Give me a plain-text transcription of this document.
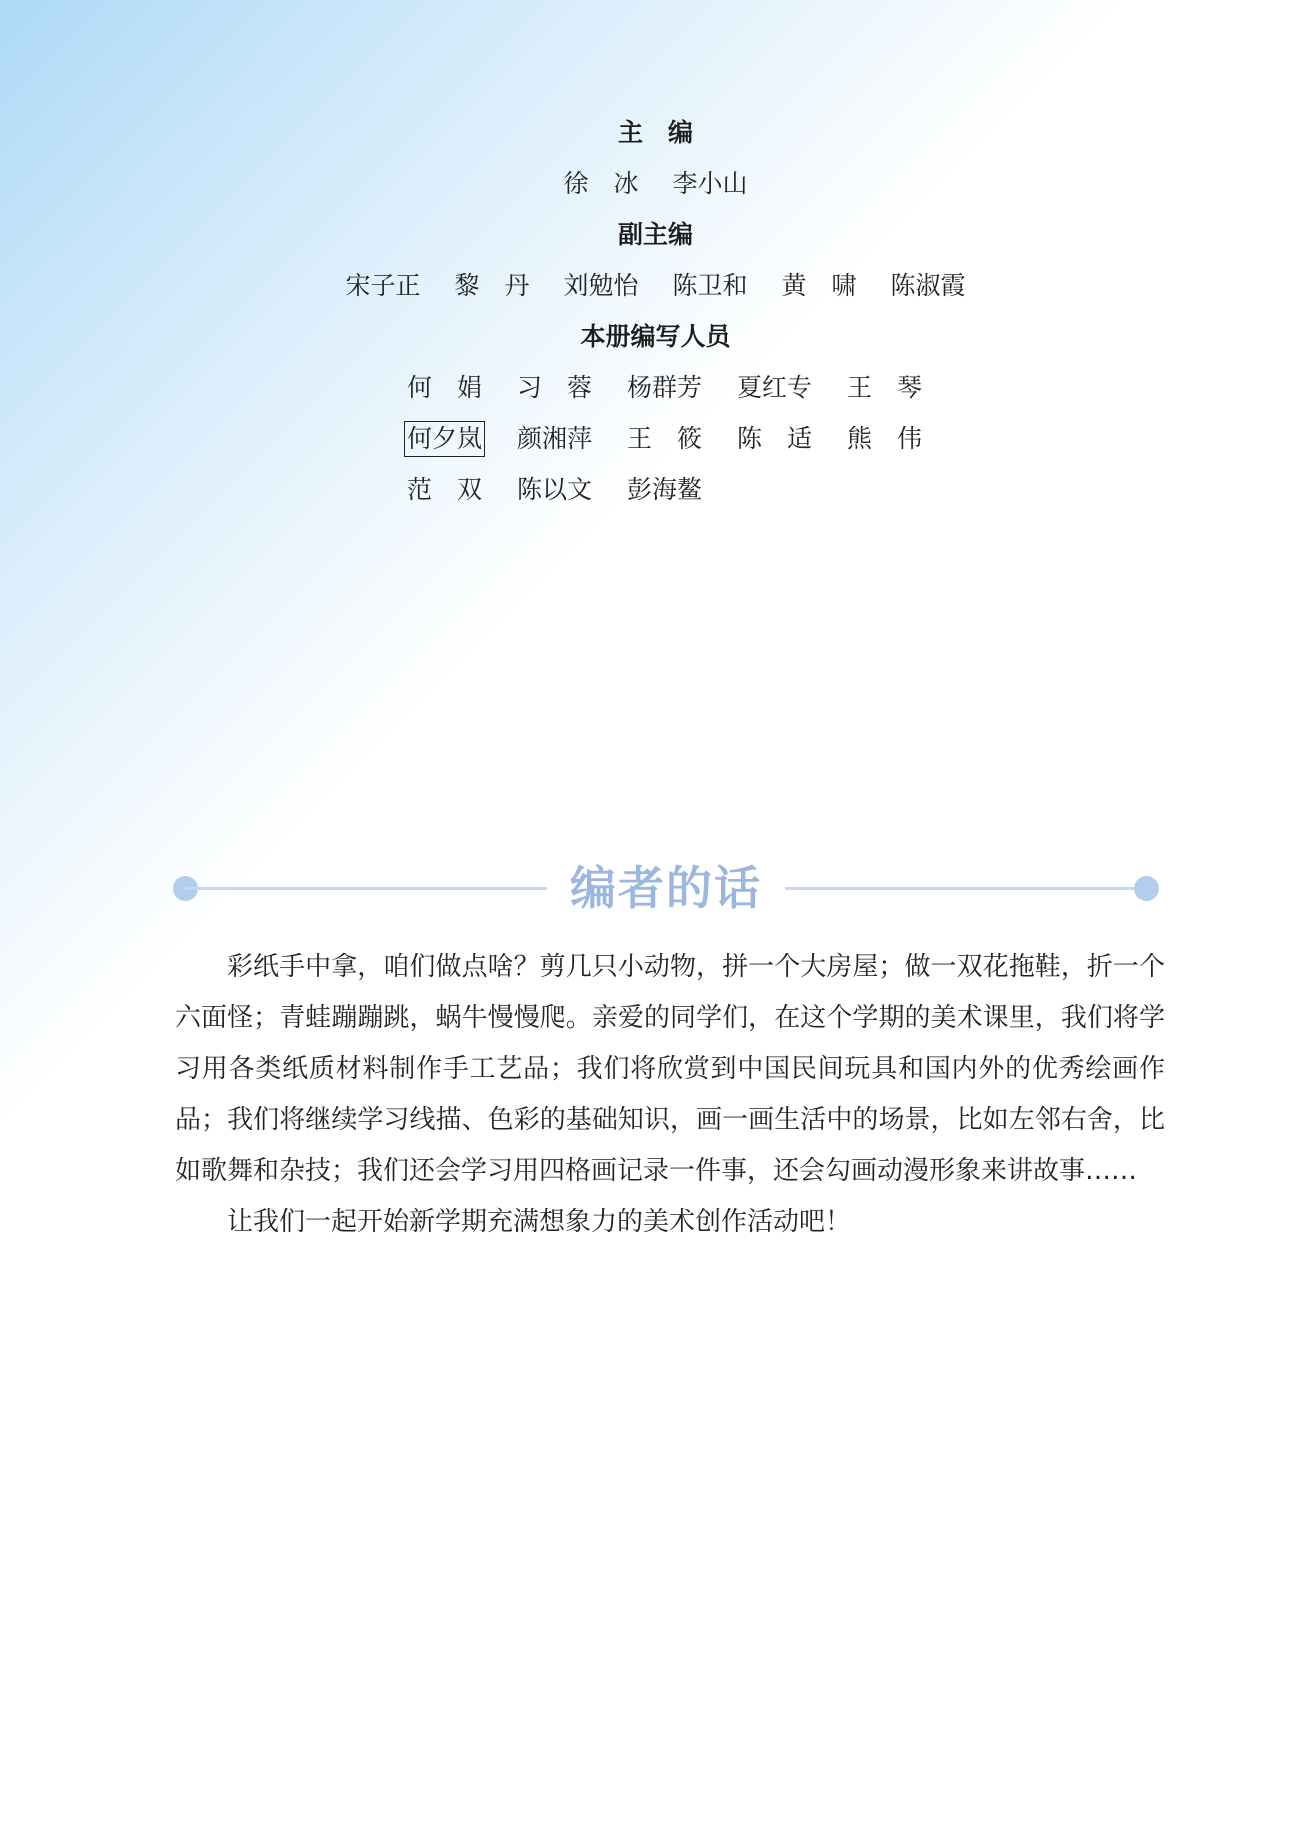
主　编
徐　冰 李小山
副主编
宋子正 黎　丹 刘勉怡 陈卫和 黄　啸 陈淑霞
本册编写人员
何　娟 习　蓉 杨群芳 夏红专 王　琴
何夕岚 颜湘萍 王　筱 陈　适 熊　伟
范　双 陈以文 彭海鳌
编者的话

彩纸手中拿，咱们做点啥？剪几只小动物，拼一个大房屋；做一双花拖鞋，折一个六面怪；青蛙蹦蹦跳，蜗牛慢慢爬。亲爱的同学们，在这个学期的美术课里，我们将学习用各类纸质材料制作手工艺品；我们将欣赏到中国民间玩具和国内外的优秀绘画作品；我们将继续学习线描、色彩的基础知识，画一画生活中的场景，比如左邻右舍，比如歌舞和杂技；我们还会学习用四格画记录一件事，还会勾画动漫形象来讲故事……

让我们一起开始新学期充满想象力的美术创作活动吧！
